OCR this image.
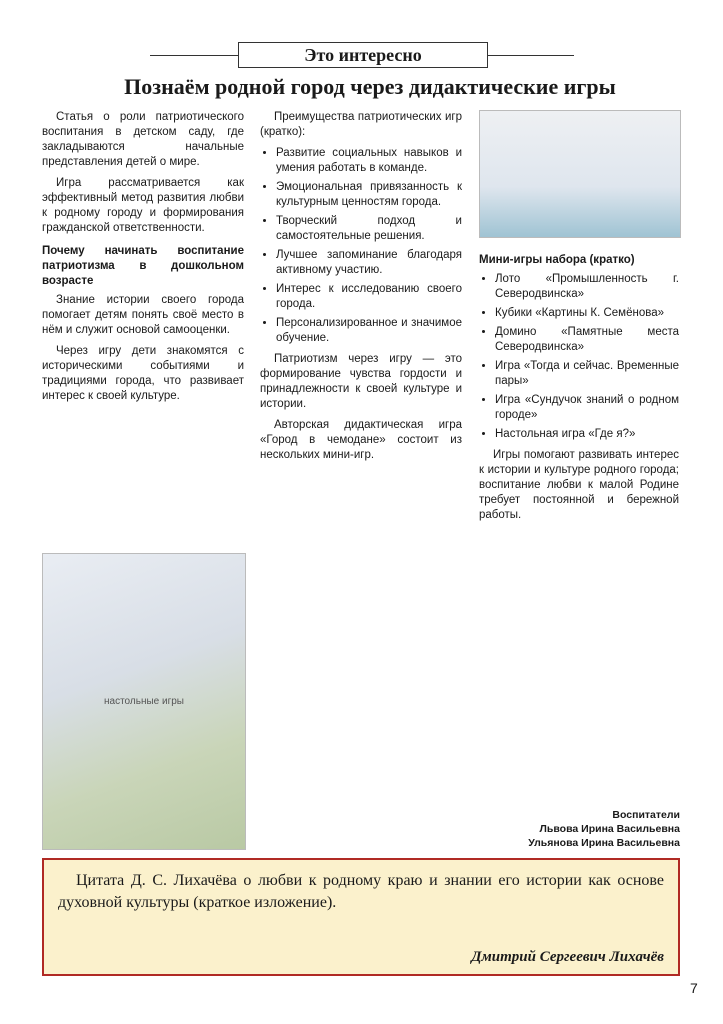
Это интересно
Познаём родной город через дидактические игры

Статья о роли патриотического воспитания в детском саду, где закладываются начальные представления детей о мире.

Игра рассматривается как эффективный метод развития любви к родному городу и формирования гражданской ответственности.

Почему начинать воспитание патриотизма в дошкольном возрасте

Знание истории своего города помогает детям понять своё место в нём и служит основой самооценки.

Через игру дети знакомятся с историческими событиями и традициями города, что развивает интерес к своей культуре.

настольные игры

Преимущества патриотических игр (кратко):

• Развитие социальных навыков и умения работать в команде.
• Эмоциональная привязанность к культурным ценностям города.
• Творческий подход и самостоятельные решения.
• Лучшее запоминание благодаря активному участию.
• Интерес к исследованию своего города.
• Персонализированное и значимое обучение.

Патриотизм через игру — это формирование чувства гордости и принадлежности к своей культуре и истории.

Авторская дидактическая игра «Город в чемодане» состоит из нескольких мини-игр.

Мини-игры набора (кратко)
• Лото «Промышленность г. Северодвинска»
• Кубики «Картины К. Семёнова»
• Домино «Памятные места Северодвинска»
• Игра «Тогда и сейчас. Временные пары»
• Игра «Сундучок знаний о родном городе»
• Настольная игра «Где я?»

Игры помогают развивать интерес к истории и культуре родного города; воспитание любви к малой Родине требует постоянной и бережной работы.

Воспитатели
Львова Ирина Васильевна
Ульянова Ирина Васильевна

Цитата Д. С. Лихачёва о любви к родному краю и знании его истории как основе духовной культуры (краткое изложение).

Дмитрий Сергеевич Лихачёв
7
